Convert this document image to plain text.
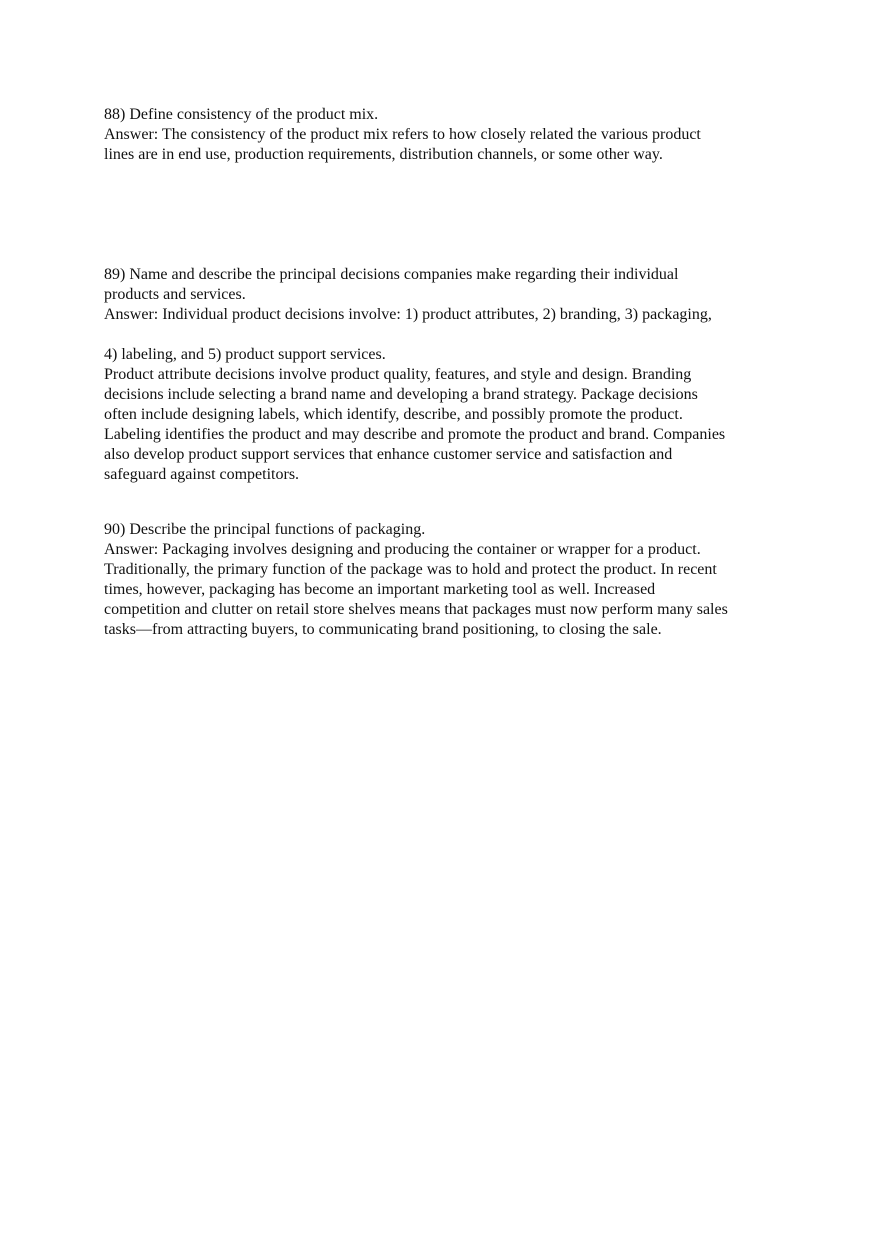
88) Define consistency of the product mix.
Answer: The consistency of the product mix refers to how closely related the various product
lines are in end use, production requirements, distribution channels, or some other way.
89) Name and describe the principal decisions companies make regarding their individual
products and services.
Answer: Individual product decisions involve: 1) product attributes, 2) branding, 3) packaging,
4) labeling, and 5) product support services.
Product attribute decisions involve product quality, features, and style and design. Branding
decisions include selecting a brand name and developing a brand strategy. Package decisions
often include designing labels, which identify, describe, and possibly promote the product.
Labeling identifies the product and may describe and promote the product and brand. Companies
also develop product support services that enhance customer service and satisfaction and
safeguard against competitors.
90) Describe the principal functions of packaging.
Answer: Packaging involves designing and producing the container or wrapper for a product.
Traditionally, the primary function of the package was to hold and protect the product. In recent
times, however, packaging has become an important marketing tool as well. Increased
competition and clutter on retail store shelves means that packages must now perform many sales
tasks—from attracting buyers, to communicating brand positioning, to closing the sale.
